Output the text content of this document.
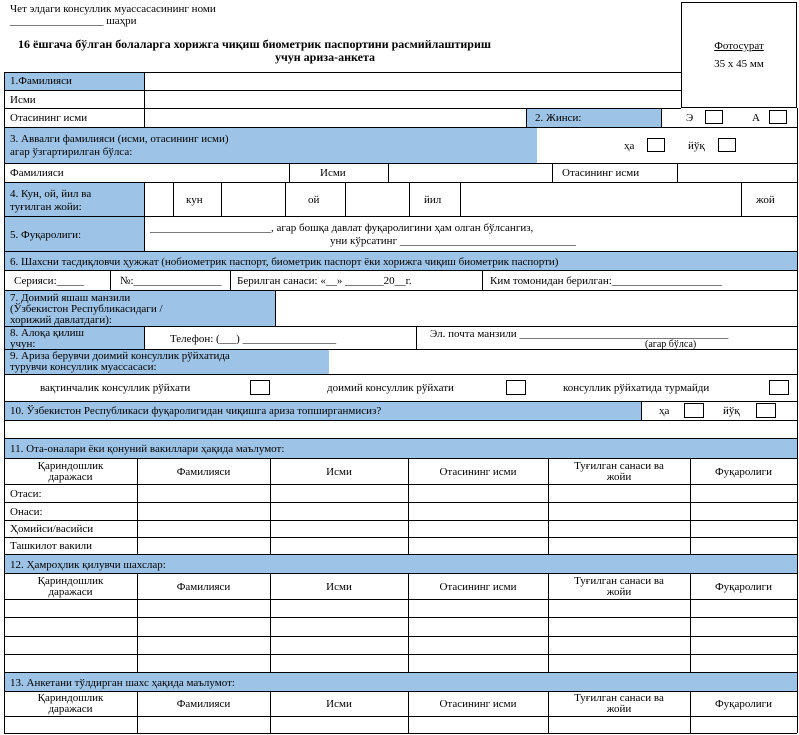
Чет элдаги консуллик муассасасининг номи
_________________ шаҳри
16 ёшгача бўлган болаларга хорижга чиқиш биометрик паспортини расмийлаштириш
учун ариза-анкета
Фотосурат
35 x 45 мм
1.Фамилияси
Исми
Отасининг исми	2. Жинси:	Э	А
3. Аввалги фамилияси (исми, отасининг исми)
агар ўзгартирилган бўлса:	ҳа	йўқ
Фамилияси	Исми	Отасининг исми
4. Кун, ой, йил ва
туғилган жойи:
кун	ой	йил	жой
5. Фуқаролиги:
______________________, агар бошқа давлат фуқаролигини ҳам олган бўлсангиз,
уни кўрсатинг ________________________________
6. Шахсни тасдиқловчи ҳужжат (нобиометрик паспорт, биометрик паспорт ёки хорижга чиқиш биометрик паспорти)
Серияси:_____	№:________________ Берилган санаси: «__» _______20__г.	Ким томонидан берилган:____________________
7. Доимий яшаш манзили
(Ўзбекистон Республикасидаги /
хорижий давлатдаги):
8. Алоқа қилиш
учун:	Телефон: (___) _________________	Эл. почта манзили ______________________________________
(агар бўлса)
9. Ариза берувчи доимий консуллик рўйхатида
турувчи консуллик муассасаси:
вақтинчалик консуллик рўйхати	доимий консуллик рўйхати	консуллик рўйхатида турмайди
10. Ўзбекистон Республикаси фуқаролигидан чиқишга ариза топширганмисиз?	ҳа	йўқ
11. Ота-оналари ёки қонуний вакиллари ҳақида маълумот:
Қариндошлик
даражаси	Фамилияси	Исми	Отасининг исми	Туғилган санаси ва
жойи	Фуқаролиги
Отаси:
Онаси:
Ҳомийси/васийси
Ташкилот вакили
12. Ҳамроҳлик қилувчи шахслар:
Қариндошлик
даражаси	Фамилияси	Исми	Отасининг исми	Туғилган санаси ва
жойи	Фуқаролиги
13. Анкетани тўлдирган шахс ҳақида маълумот:
Қариндошлик
даражаси	Фамилияси	Исми	Отасининг исми	Туғилган санаси ва
жойи	Фуқаролиги
